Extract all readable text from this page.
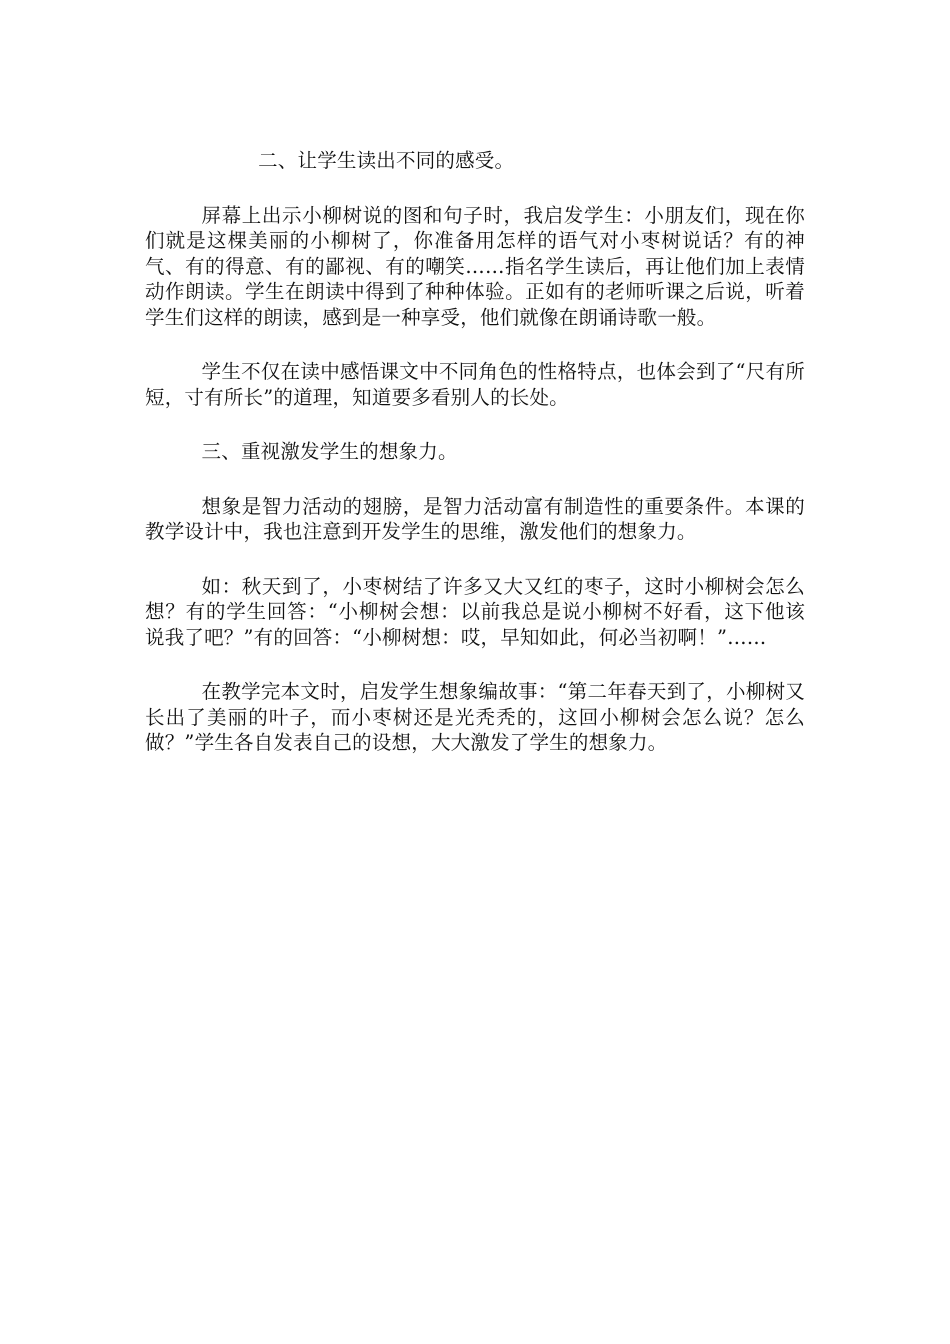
二、让学生读出不同的感受。

屏幕上出示小柳树说的图和句子时，我启发学生：小朋友们，现在你们就是这棵美丽的小柳树了，你准备用怎样的语气对小枣树说话？有的神气、有的得意、有的鄙视、有的嘲笑……指名学生读后，再让他们加上表情动作朗读。学生在朗读中得到了种种体验。正如有的老师听课之后说，听着学生们这样的朗读，感到是一种享受，他们就像在朗诵诗歌一般。

学生不仅在读中感悟课文中不同角色的性格特点，也体会到了“尺有所短，寸有所长”的道理，知道要多看别人的长处。

三、重视激发学生的想象力。

想象是智力活动的翅膀，是智力活动富有制造性的重要条件。本课的教学设计中，我也注意到开发学生的思维，激发他们的想象力。

如：秋天到了，小枣树结了许多又大又红的枣子，这时小柳树会怎么想？有的学生回答：“小柳树会想：以前我总是说小柳树不好看，这下他该说我了吧？”有的回答：“小柳树想：哎，早知如此，何必当初啊！”……

在教学完本文时，启发学生想象编故事：“第二年春天到了，小柳树又长出了美丽的叶子，而小枣树还是光秃秃的，这回小柳树会怎么说？怎么做？”学生各自发表自己的设想，大大激发了学生的想象力。
